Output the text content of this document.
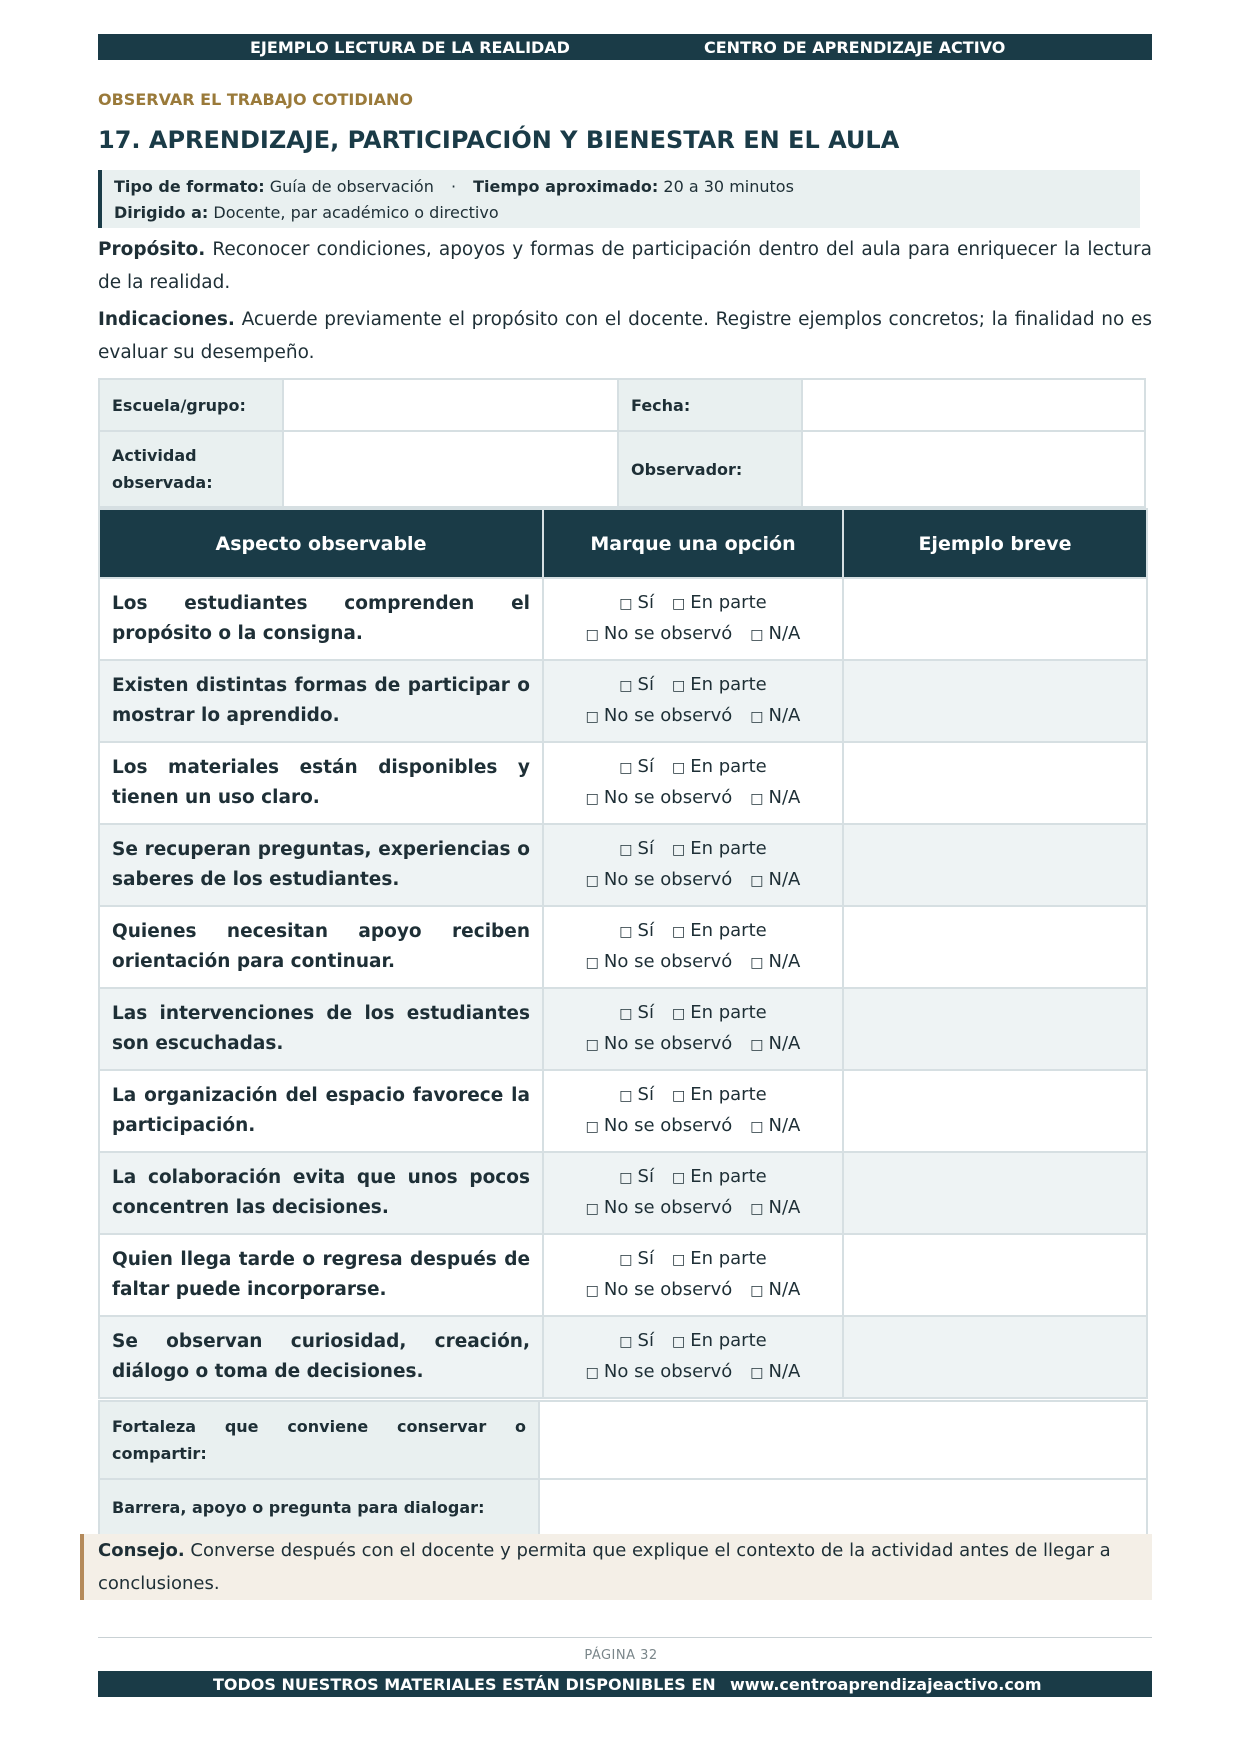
EJEMPLO LECTURA DE LA REALIDAD	CENTRO DE APRENDIZAJE ACTIVO
OBSERVAR EL TRABAJO COTIDIANO
17. APRENDIZAJE, PARTICIPACIÓN Y BIENESTAR EN EL AULA
Tipo de formato: Guía de observación · Tiempo aproximado: 20 a 30 minutos
Dirigido a: Docente, par académico o directivo
Propósito. Reconocer condiciones, apoyos y formas de participación dentro del aula para enriquecer la lectura de la realidad.
Indicaciones. Acuerde previamente el propósito con el docente. Registre ejemplos concretos; la finalidad no es evaluar su desempeño.
Escuela/grupo:		Fecha:	
Actividad observada:		Observador:	
Aspecto observable	Marque una opción	Ejemplo breve
Los estudiantes comprenden el propósito o la consigna.	□ Sí □ En parte
□ No se observó □ N/A	

Existen distintas formas de participar o mostrar lo aprendido.	□ Sí □ En parte
□ No se observó □ N/A	

Los materiales están disponibles y tienen un uso claro.	□ Sí □ En parte
□ No se observó □ N/A	

Se recuperan preguntas, experiencias o saberes de los estudiantes.	□ Sí □ En parte
□ No se observó □ N/A	

Quienes necesitan apoyo reciben orientación para continuar.	□ Sí □ En parte
□ No se observó □ N/A	

Las intervenciones de los estudiantes son escuchadas.	□ Sí □ En parte
□ No se observó □ N/A	

La organización del espacio favorece la participación.	□ Sí □ En parte
□ No se observó □ N/A	

La colaboración evita que unos pocos concentren las decisiones.	□ Sí □ En parte
□ No se observó □ N/A	

Quien llega tarde o regresa después de faltar puede incorporarse.	□ Sí □ En parte
□ No se observó □ N/A	

Se observan curiosidad, creación, diálogo o toma de decisiones.	□ Sí □ En parte
□ No se observó □ N/A	

Fortaleza que conviene conservar o compartir:	
Barrera, apoyo o pregunta para dialogar:	
Consejo. Converse después con el docente y permita que explique el contexto de la actividad antes de llegar a conclusiones.
PÁGINA 32
TODOS NUESTROS MATERIALES ESTÁN DISPONIBLES EN www.centroaprendizajeactivo.com
